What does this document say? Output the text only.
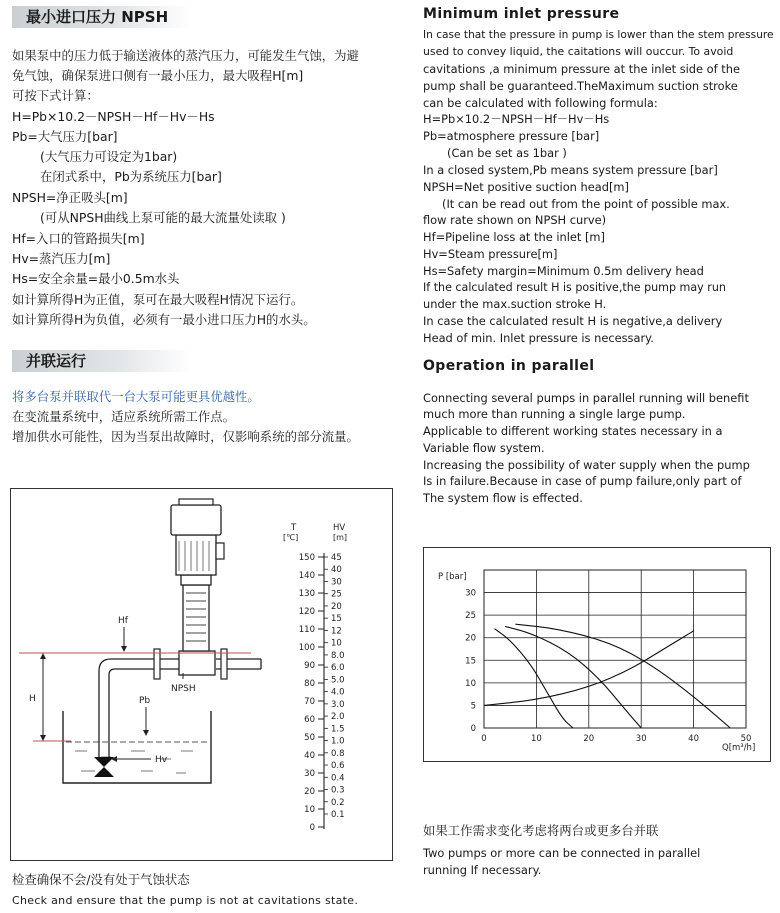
最小进口压力 NPSH
如果泵中的压力低于输送液体的蒸汽压力，可能发生气蚀，为避
免气蚀，确保泵进口侧有一最小压力，最大吸程H[m]
可按下式计算：
H=Pb×10.2－NPSH－Hf－Hv－Hs
Pb=大气压力[bar]
(大气压力可设定为1bar)
在闭式系中，Pb为系统压力[bar]
NPSH=净正吸头[m]
(可从NPSH曲线上泵可能的最大流量处读取 )
Hf=入口的管路损失[m]
Hv=蒸汽压力[m]
Hs=安全余量=最小0.5m水头
如计算所得H为正值，泵可在最大吸程H情况下运行。
如计算所得H为负值，必须有一最小进口压力H的水头。
并联运行
将多台泵并联取代一台大泵可能更具优越性。
在变流量系统中，适应系统所需工作点。
增加供水可能性，因为当泵出故障时，仅影响系统的部分流量。
Hf
H	Pb
NPSH
Hv
T
[℃]
HV
[m]
150
140
130
120
110
100
90
80
70
60
50
40
30
20
10
0
45
40
30
25
20
15
12
10
8.0
6.0
5.0
4.0
3.0
2.0
1.5
1.0
0.8
0.6
0.4
0.3
0.2
0.1
检查确保不会/没有处于气蚀状态
Check and ensure that the pump is not at cavitations state.
Minimum inlet pressure
In case that the pressure in pump is lower than the stem pressure
used to convey liquid, the caitations will ouccur. To avoid
cavitations ,a minimum pressure at the inlet side of the
pump shall be guaranteed.TheMaximum suction stroke
can be calculated with following formula:
H=Pb×10.2－NPSH－Hf－Hv－Hs
Pb=atmosphere pressure [bar]
(Can be set as 1bar )
In a closed system,Pb means system pressure [bar]
NPSH=Net positive suction head[m]
(It can be read out from the point of possible max.
flow rate shown on NPSH curve)
Hf=Pipeline loss at the inlet [m]
Hv=Steam pressure[m]
Hs=Safety margin=Minimum 0.5m delivery head
If the calculated result H is positive,the pump may run
under the max.suction stroke H.
In case the calculated result H is negative,a delivery
Head of min. Inlet pressure is necessary.
Operation in parallel
Connecting several pumps in parallel running will benefit
much more than running a single large pump.
Applicable to different working states necessary in a
Variable flow system.
Increasing the possibility of water supply when the pump
Is in failure.Because in case of pump failure,only part of
The system flow is effected.
0
5
10
15
20
25
30
0	10	20	30	40	50
P [bar]
Q[m³/h]
如果工作需求变化考虑将两台或更多台并联
Two pumps or more can be connected in parallel
running If necessary.
